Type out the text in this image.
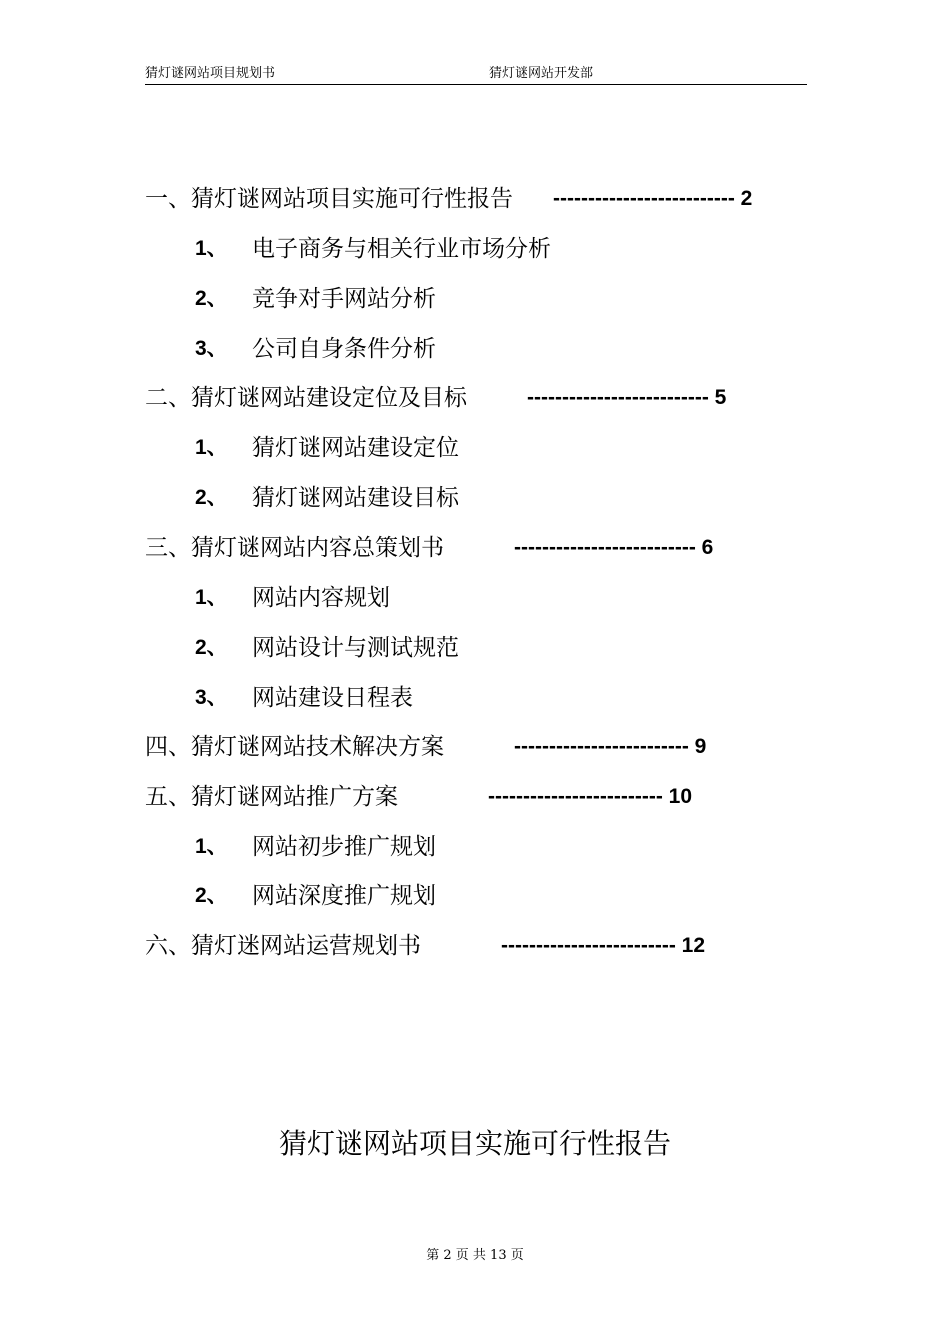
猜灯谜网站项目规划书	猜灯谜网站开发部
一、猜灯谜网站项目实施可行性报告 -------------------------- 2
1、 电子商务与相关行业市场分析
2、 竞争对手网站分析
3、 公司自身条件分析
二、猜灯谜网站建设定位及目标	-------------------------- 5
1、 猜灯谜网站建设定位
2、 猜灯谜网站建设目标
三、猜灯谜网站内容总策划书	-------------------------- 6
1、 网站内容规划
2、 网站设计与测试规范
3、 网站建设日程表
四、猜灯谜网站技术解决方案	------------------------- 9
五、猜灯谜网站推广方案	------------------------- 10
1、 网站初步推广规划
2、 网站深度推广规划
六、猜灯迷网站运营规划书	------------------------- 12
猜灯谜网站项目实施可行性报告
第 2 页 共 13 页
